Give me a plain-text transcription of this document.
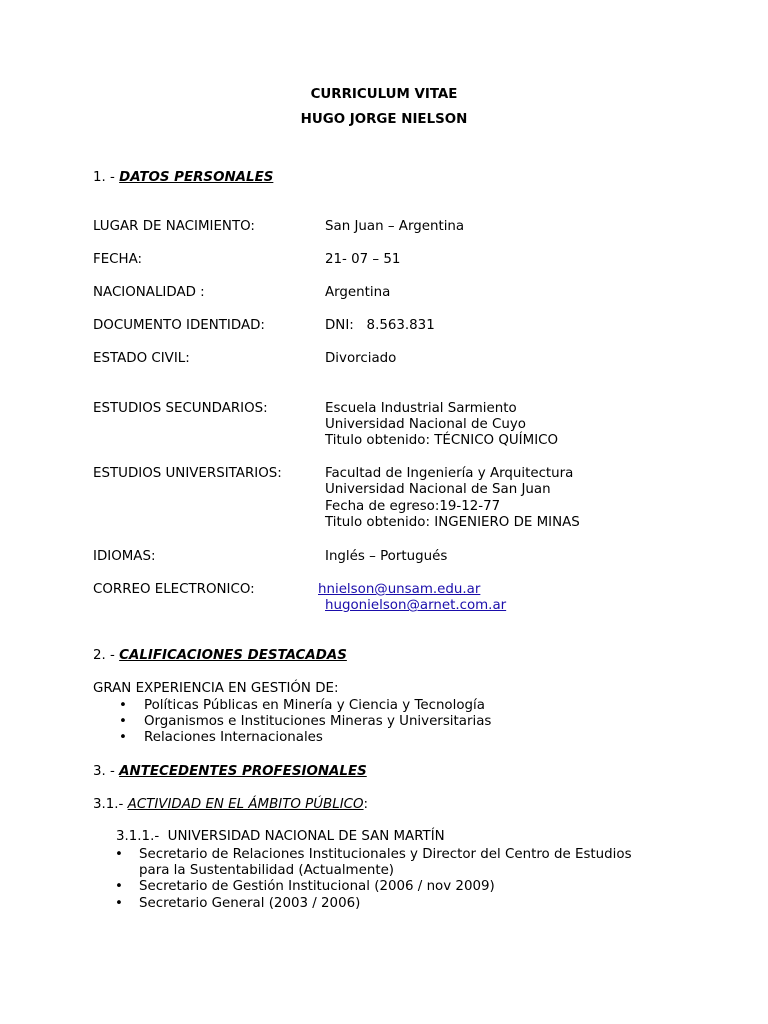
CURRICULUM VITAE
HUGO JORGE NIELSON
1. - DATOS PERSONALES
LUGAR DE NACIMIENTO:	San Juan – Argentina
FECHA:	21- 07 – 51
NACIONALIDAD :	Argentina
DOCUMENTO IDENTIDAD:	DNI:   8.563.831
ESTADO CIVIL:	Divorciado
ESTUDIOS SECUNDARIOS:	Escuela Industrial Sarmiento
Universidad Nacional de Cuyo
Titulo obtenido: TÉCNICO QUÍMICO
ESTUDIOS UNIVERSITARIOS:	Facultad de Ingeniería y Arquitectura
Universidad Nacional de San Juan
Fecha de egreso:19-12-77
Titulo obtenido: INGENIERO DE MINAS
IDIOMAS:	Inglés – Portugués
CORREO ELECTRONICO:	hnielson@unsam.edu.ar
hugonielson@arnet.com.ar
2. - CALIFICACIONES DESTACADAS
GRAN EXPERIENCIA EN GESTIÓN DE:
•
Políticas Públicas en Minería y Ciencia y Tecnología
•
Organismos e Instituciones Mineras y Universitarias
•
Relaciones Internacionales
3. - ANTECEDENTES PROFESIONALES
3.1.- ACTIVIDAD EN EL ÁMBITO PÚBLICO:
3.1.1.-  UNIVERSIDAD NACIONAL DE SAN MARTÍN
•
Secretario de Relaciones Institucionales y Director del Centro de Estudios
para la Sustentabilidad (Actualmente)
•
Secretario de Gestión Institucional (2006 / nov 2009)
•
Secretario General (2003 / 2006)
